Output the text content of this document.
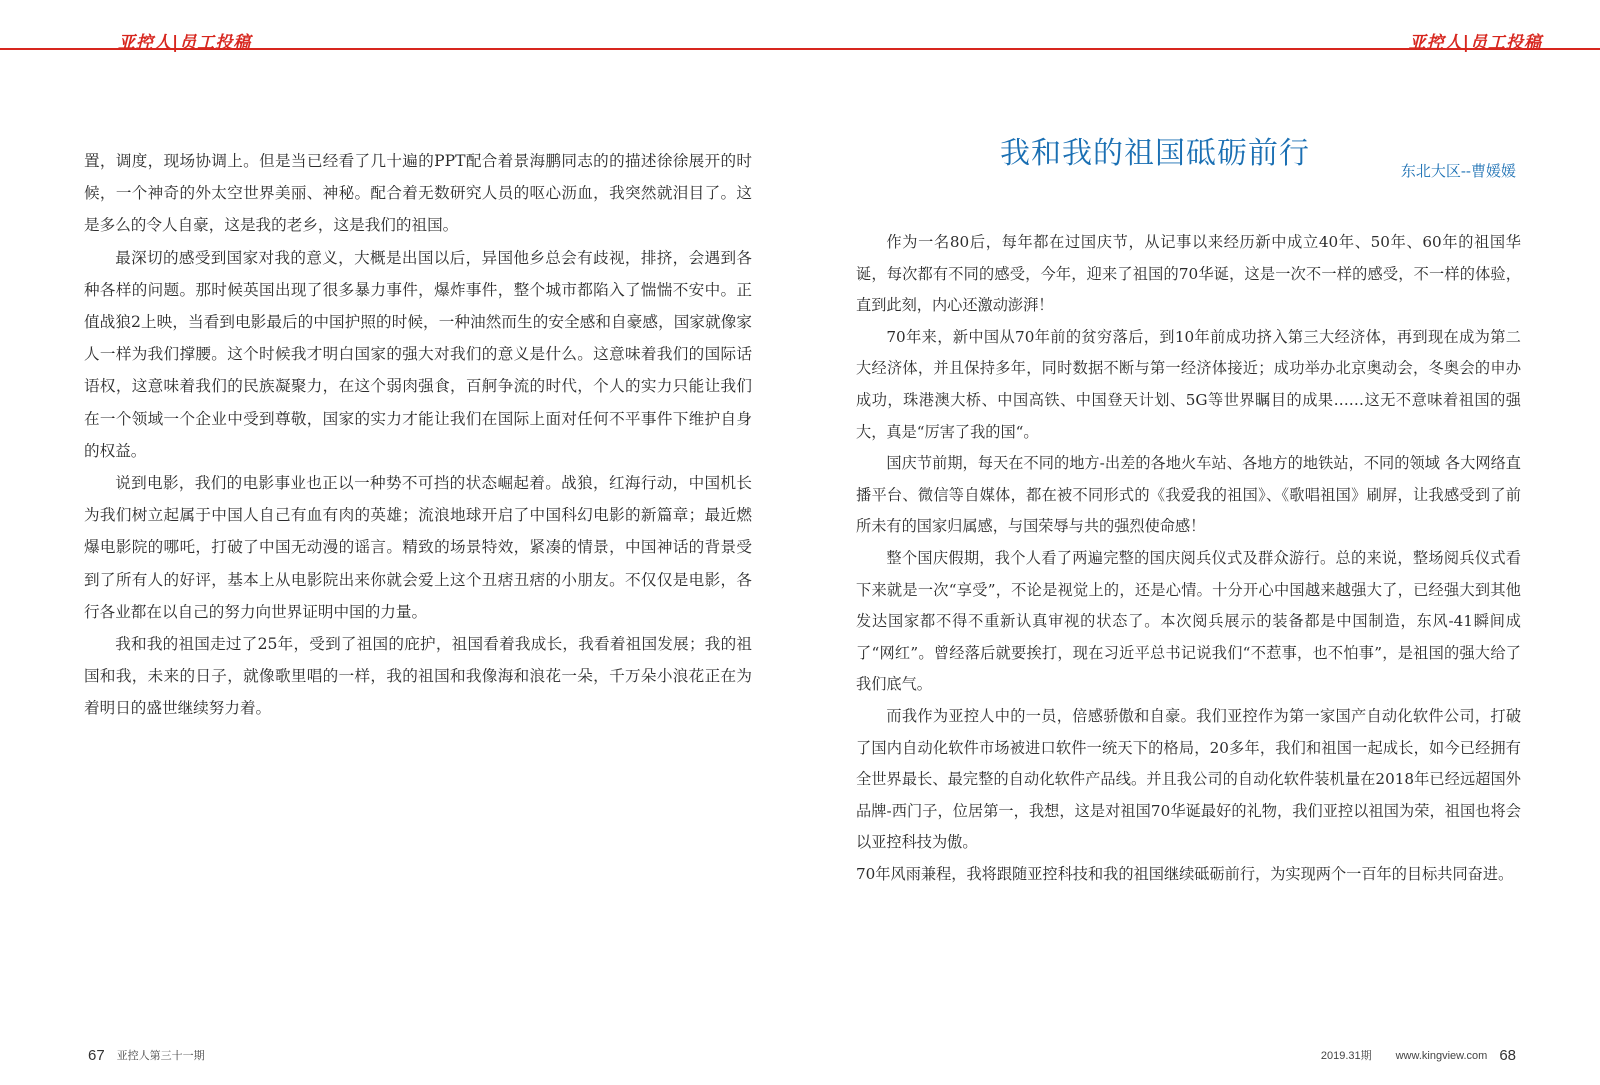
亚控人|员工投稿	亚控人|员工投稿

置，调度，现场协调上。但是当已经看了几十遍的PPT配合着景海鹏同志的的描述徐徐展开的时候，一个神奇的外太空世界美丽、神秘。配合着无数研究人员的呕心沥血，我突然就泪目了。这是多么的令人自豪，这是我的老乡，这是我们的祖国。

最深切的感受到国家对我的意义，大概是出国以后，异国他乡总会有歧视，排挤，会遇到各种各样的问题。那时候英国出现了很多暴力事件，爆炸事件，整个城市都陷入了惴惴不安中。正值战狼2上映，当看到电影最后的中国护照的时候，一种油然而生的安全感和自豪感，国家就像家人一样为我们撑腰。这个时候我才明白国家的强大对我们的意义是什么。这意味着我们的国际话语权，这意味着我们的民族凝聚力，在这个弱肉强食，百舸争流的时代，个人的实力只能让我们在一个领域一个企业中受到尊敬，国家的实力才能让我们在国际上面对任何不平事件下维护自身的权益。

说到电影，我们的电影事业也正以一种势不可挡的状态崛起着。战狼，红海行动，中国机长为我们树立起属于中国人自己有血有肉的英雄；流浪地球开启了中国科幻电影的新篇章；最近燃爆电影院的哪吒，打破了中国无动漫的谣言。精致的场景特效，紧凑的情景，中国神话的背景受到了所有人的好评，基本上从电影院出来你就会爱上这个丑痞丑痞的小朋友。不仅仅是电影，各行各业都在以自己的努力向世界证明中国的力量。

我和我的祖国走过了25年，受到了祖国的庇护，祖国看着我成长，我看着祖国发展；我的祖国和我，未来的日子，就像歌里唱的一样，我的祖国和我像海和浪花一朵，千万朵小浪花正在为着明日的盛世继续努力着。

我和我的祖国砥砺前行	东北大区--曹媛媛

作为一名80后，每年都在过国庆节，从记事以来经历新中成立40年、50年、60年的祖国华诞，每次都有不同的感受，今年，迎来了祖国的70华诞，这是一次不一样的感受，不一样的体验，直到此刻，内心还激动澎湃！

70年来，新中国从70年前的贫穷落后，到10年前成功挤入第三大经济体，再到现在成为第二大经济体，并且保持多年，同时数据不断与第一经济体接近；成功举办北京奥动会，冬奥会的申办成功，珠港澳大桥、中国高铁、中国登天计划、5G等世界瞩目的成果……这无不意味着祖国的强大，真是“厉害了我的国“。

国庆节前期，每天在不同的地方-出差的各地火车站、各地方的地铁站，不同的领域 各大网络直播平台、微信等自媒体，都在被不同形式的《我爱我的祖国》、《歌唱祖国》刷屏，让我感受到了前所未有的国家归属感，与国荣辱与共的强烈使命感！

整个国庆假期，我个人看了两遍完整的国庆阅兵仪式及群众游行。总的来说，整场阅兵仪式看下来就是一次“享受”，不论是视觉上的，还是心情。十分开心中国越来越强大了，已经强大到其他发达国家都不得不重新认真审视的状态了。本次阅兵展示的装备都是中国制造，东风-41瞬间成了“网红”。曾经落后就要挨打，现在习近平总书记说我们“不惹事，也不怕事”，是祖国的强大给了我们底气。

而我作为亚控人中的一员，倍感骄傲和自豪。我们亚控作为第一家国产自动化软件公司，打破了国内自动化软件市场被进口软件一统天下的格局，20多年，我们和祖国一起成长，如今已经拥有全世界最长、最完整的自动化软件产品线。并且我公司的自动化软件装机量在2018年已经远超国外品牌-西门子，位居第一，我想，这是对祖国70华诞最好的礼物，我们亚控以祖国为荣，祖国也将会以亚控科技为傲。

70年风雨兼程，我将跟随亚控科技和我的祖国继续砥砺前行，为实现两个一百年的目标共同奋进。

67 亚控人第三十一期	2019.31期 www.kingview.com 68
